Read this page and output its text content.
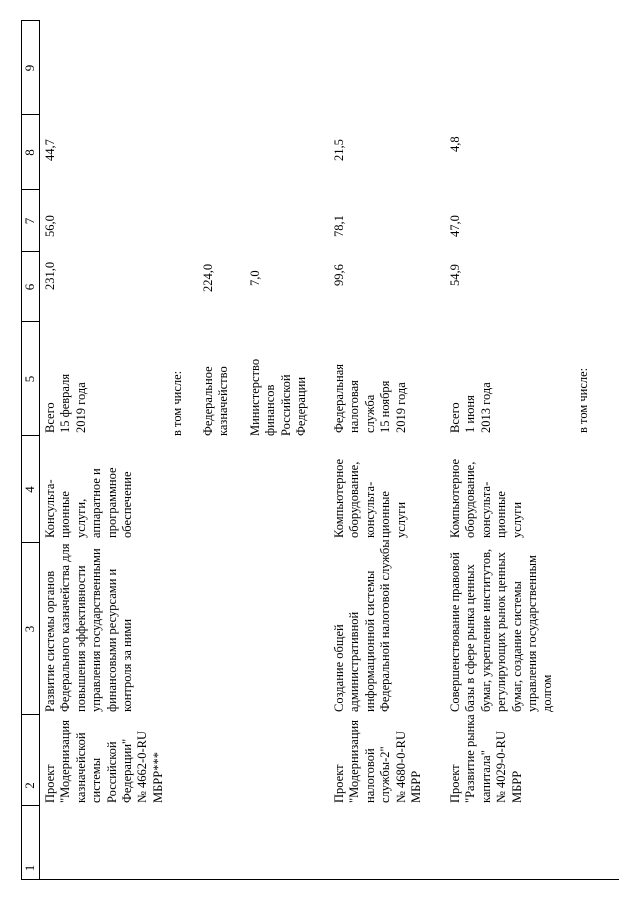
1
2
3
4
5
6
7
8
9
Проект
"Модернизация
казначейской
системы
Российской
Федерации"
№ 4662-0-RU
МБРР***
Развитие системы органов
Федерального казначейства для
повышения эффективности
управления государственными
финансовыми ресурсами и
контроля за ними
Консульта-
ционные
услуги,
аппаратное и
программное
обеспечение
Всего
15 февраля
2019 года
231,0
56,0
44,7
в том числе: Федеральное
казначейство
224,0
Министерство
финансов
Российской
Федерации
7,0
Проект
"Модернизация
налоговой
службы-2"
№ 4680-0-RU
МБРР
Создание общей
административной
информационной системы
Федеральной налоговой службы
Компьютерное
оборудование,
консульта-
ционные
услуги
Федеральная
налоговая
служба
15 ноября
2019 года
99,6
78,1
21,5
Проект
"Развитие рынка
капитала"
№ 4029-0-RU
МБРР
Совершенствование правовой
базы в сфере рынка ценных
бумаг, укрепление институтов,
регулирующих рынок ценных
бумаг, создание системы
управления государственным
долгом
Компьютерное
оборудование,
консульта-
ционные
услуги
Всего
1 июня
2013 года
54,9
47,0
4,8
в том числе:
